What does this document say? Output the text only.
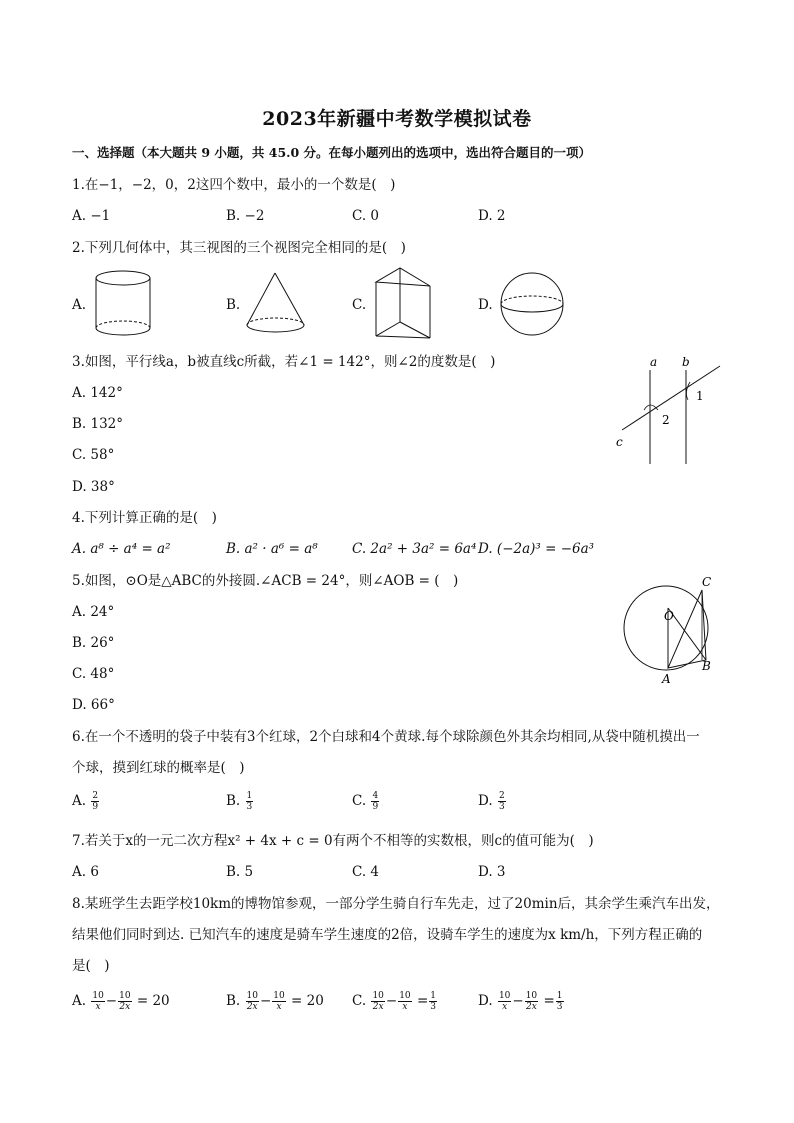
2023年新疆中考数学模拟试卷
一、选择题（本大题共 9 小题，共 45.0 分。在每小题列出的选项中，选出符合题目的一项）
1.在−1，−2，0，2这四个数中，最小的一个数是(　)
A. −1	B. −2	C. 0	D. 2
2.下列几何体中，其三视图的三个视图完全相同的是(　)
A.	B.	C.	D.
3.如图，平行线a，b被直线c所截，若∠1 = 142°，则∠2的度数是(　)
A. 142°
B. 132°
C. 58°
D. 38°
a b
c
1
2
4.下列计算正确的是(　)
A. a⁸ ÷ a⁴ = a²	B. a² · a⁶ = a⁸	C. 2a² + 3a² = 6a⁴ D. (−2a)³ = −6a³
5.如图，⊙O是△ABC的外接圆.∠ACB = 24°，则∠AOB = (　)
A. 24°
B. 26°
C. 48°
D. 66°
O
A
B
C
6.在一个不透明的袋子中装有3个红球，2个白球和4个黄球.每个球除颜色外其余均相同,从袋中随机摸出一
个球，摸到红球的概率是(　)
A. $\frac{2}{9}$	B. $\frac{1}{3}$	C. $\frac{4}{9}$	D. $\frac{2}{3}$
7.若关于x的一元二次方程x² + 4x + c = 0有两个不相等的实数根，则c的值可能为(　)
A. 6	B. 5	C. 4	D. 3
8.某班学生去距学校10km的博物馆参观，一部分学生骑自行车先走，过了20min后，其余学生乘汽车出发，
结果他们同时到达. 已知汽车的速度是骑车学生速度的2倍，设骑车学生的速度为x km/h，下列方程正确的
是(　)
A. $\frac{10}{x} - \frac{10}{2x} = 20$	B. $\frac{10}{2x} - \frac{10}{x} = 20$ C. $\frac{10}{2x} - \frac{10}{x} = \frac{1}{3}$	D. $\frac{10}{x} - \frac{10}{2x} = \frac{1}{3}$
